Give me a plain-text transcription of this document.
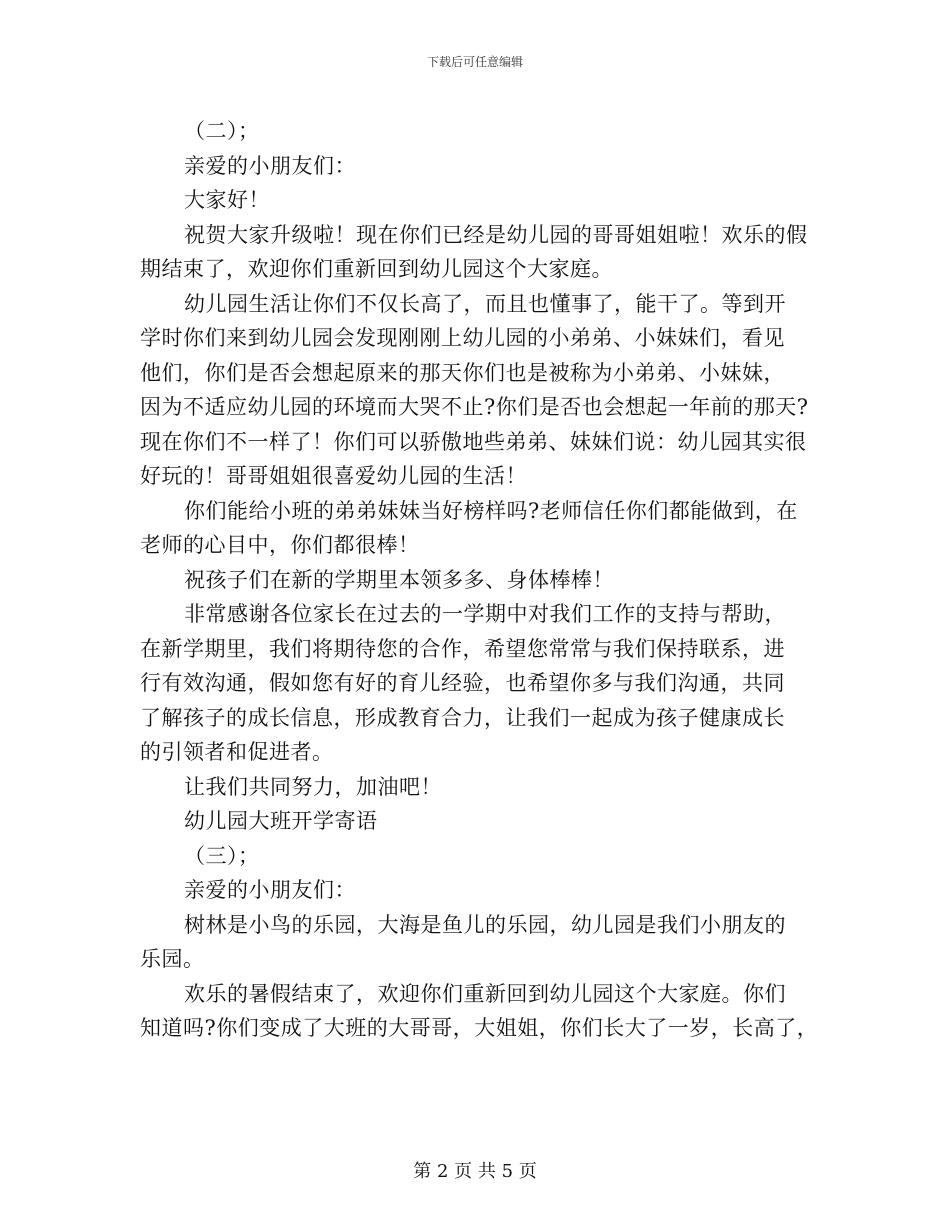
下载后可任意编辑
（二）；
亲爱的小朋友们：
大家好！
祝贺大家升级啦！现在你们已经是幼儿园的哥哥姐姐啦！欢乐的假
期结束了，欢迎你们重新回到幼儿园这个大家庭。
幼儿园生活让你们不仅长高了，而且也懂事了，能干了。等到开
学时你们来到幼儿园会发现刚刚上幼儿园的小弟弟、小妹妹们，看见
他们，你们是否会想起原来的那天你们也是被称为小弟弟、小妹妹，
因为不适应幼儿园的环境而大哭不止?你们是否也会想起一年前的那天?
现在你们不一样了！你们可以骄傲地些弟弟、妹妹们说：幼儿园其实很
好玩的！哥哥姐姐很喜爱幼儿园的生活！
你们能给小班的弟弟妹妹当好榜样吗?老师信任你们都能做到，在
老师的心目中，你们都很棒！
祝孩子们在新的学期里本领多多、身体棒棒！
非常感谢各位家长在过去的一学期中对我们工作的支持与帮助，
在新学期里，我们将期待您的合作，希望您常常与我们保持联系，进
行有效沟通，假如您有好的育儿经验，也希望你多与我们沟通，共同
了解孩子的成长信息，形成教育合力，让我们一起成为孩子健康成长
的引领者和促进者。
让我们共同努力，加油吧！
幼儿园大班开学寄语
（三）；
亲爱的小朋友们：
树林是小鸟的乐园，大海是鱼儿的乐园，幼儿园是我们小朋友的
乐园。
欢乐的暑假结束了，欢迎你们重新回到幼儿园这个大家庭。你们
知道吗?你们变成了大班的大哥哥，大姐姐，你们长大了一岁，长高了，
第 2 页 共 5 页
